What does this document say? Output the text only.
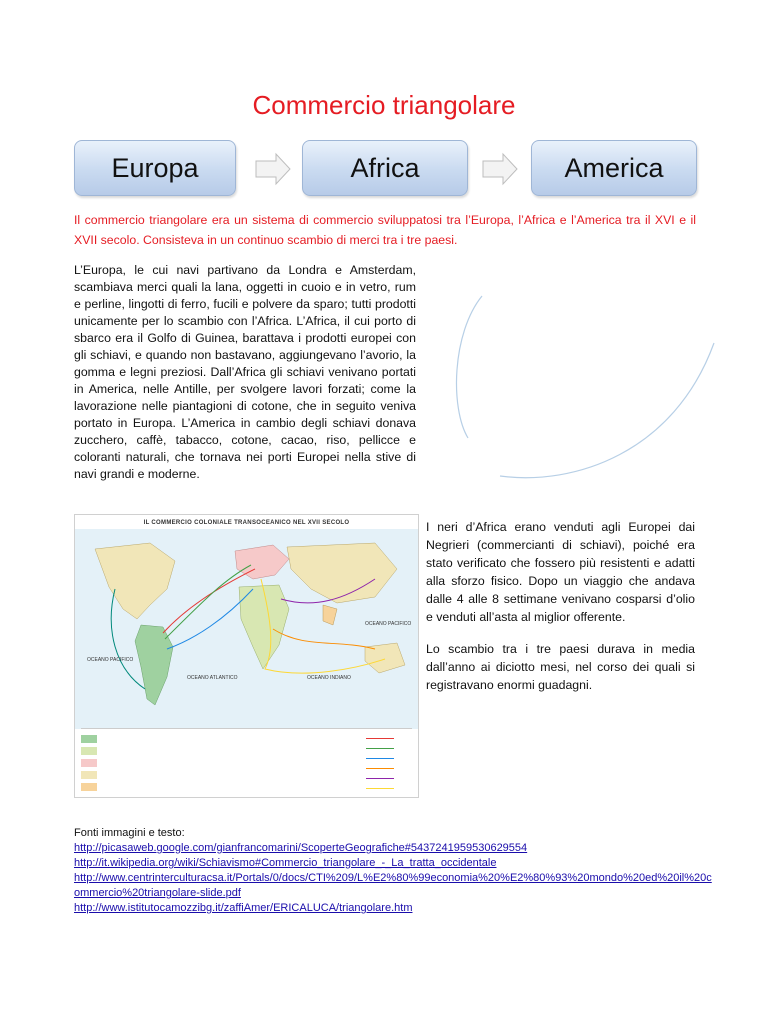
Commercio triangolare
Europa	Africa	America
Il commercio triangolare era un sistema di commercio sviluppatosi tra l’Europa, l’Africa e l’America tra il XVI e il XVII secolo. Consisteva in un continuo scambio di merci tra i tre paesi.

L’Europa, le cui navi partivano da Londra e Amsterdam, scambiava merci quali la lana, oggetti in cuoio e in vetro, rum e perline, lingotti di ferro, fucili e polvere da sparo; tutti prodotti unicamente per lo scambio con l’Africa. L’Africa, il cui porto di sbarco era il Golfo di Guinea, barattava i prodotti europei con gli schiavi, e quando non bastavano, aggiungevano l’avorio, la gomma e legni preziosi. Dall’Africa gli schiavi venivano portati in America, nelle Antille, per svolgere lavori forzati; come la lavorazione nelle piantagioni di cotone, che in seguito veniva portato in Europa. L’America in cambio degli schiavi donava zucchero, caffè, tabacco, cotone, cacao, riso, pellicce e coloranti naturali, che tornava nei porti Europei nella stive di navi grandi e moderne.

IL COMMERCIO COLONIALE TRANSOCEANICO NEL XVII SECOLO
OCEANO PACIFICO
OCEANO ATLANTICO	OCEANO INDIANO
OCEANO PACIFICO

I neri d’Africa erano venduti agli Europei dai Negrieri (commercianti di schiavi), poiché era stato verificato che fossero più resistenti e adatti alla sforzo fisico. Dopo un viaggio che andava dalle 4 alle 8 settimane venivano cosparsi d’olio e venduti all’asta al miglior offerente.

Lo scambio tra i tre paesi durava in media dall’anno ai diciotto mesi, nel corso dei quali si registravano enormi guadagni.

Fonti immagini e testo:
http://picasaweb.google.com/gianfrancomarini/ScoperteGeografiche#5437241959530629554
http://it.wikipedia.org/wiki/Schiavismo#Commercio_triangolare_-_La_tratta_occidentale
http://www.centrinterculturacsa.it/Portals/0/docs/CTI%209/L%E2%80%99economia%20%E2%80%93%20mondo%20ed%20il%20commercio%20triangolare-slide.pdf
http://www.istitutocamozzibg.it/zaffiAmer/ERICALUCA/triangolare.htm
